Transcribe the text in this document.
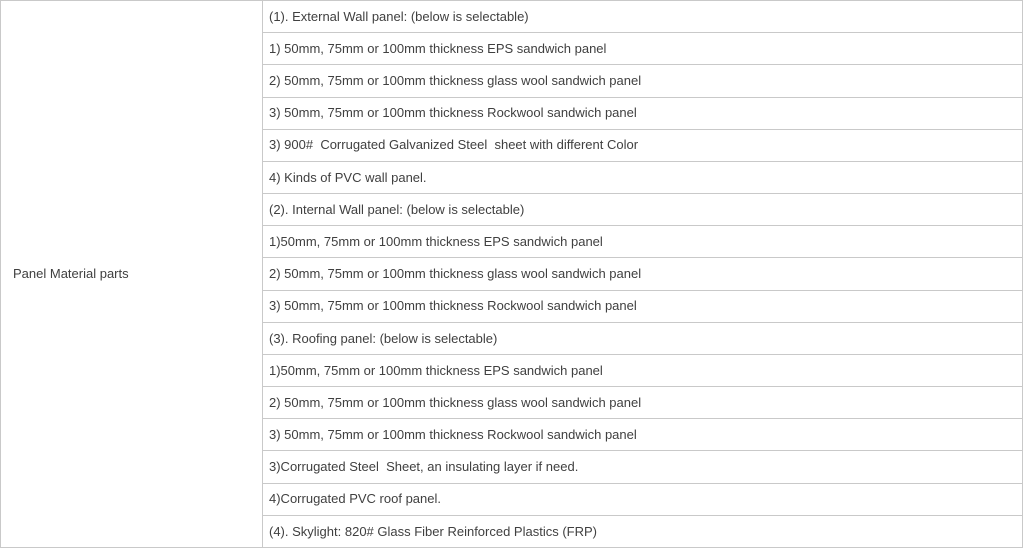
Panel Material parts
(1). External Wall panel: (below is selectable)
1) 50mm, 75mm or 100mm thickness EPS sandwich panel
2) 50mm, 75mm or 100mm thickness glass wool sandwich panel
3) 50mm, 75mm or 100mm thickness Rockwool sandwich panel
3) 900#  Corrugated Galvanized Steel  sheet with different Color
4) Kinds of PVC wall panel.
(2). Internal Wall panel: (below is selectable)
1)50mm, 75mm or 100mm thickness EPS sandwich panel
2) 50mm, 75mm or 100mm thickness glass wool sandwich panel
3) 50mm, 75mm or 100mm thickness Rockwool sandwich panel
(3). Roofing panel: (below is selectable)
1)50mm, 75mm or 100mm thickness EPS sandwich panel
2) 50mm, 75mm or 100mm thickness glass wool sandwich panel
3) 50mm, 75mm or 100mm thickness Rockwool sandwich panel
3)Corrugated Steel  Sheet, an insulating layer if need.
4)Corrugated PVC roof panel.
(4). Skylight: 820# Glass Fiber Reinforced Plastics (FRP)
